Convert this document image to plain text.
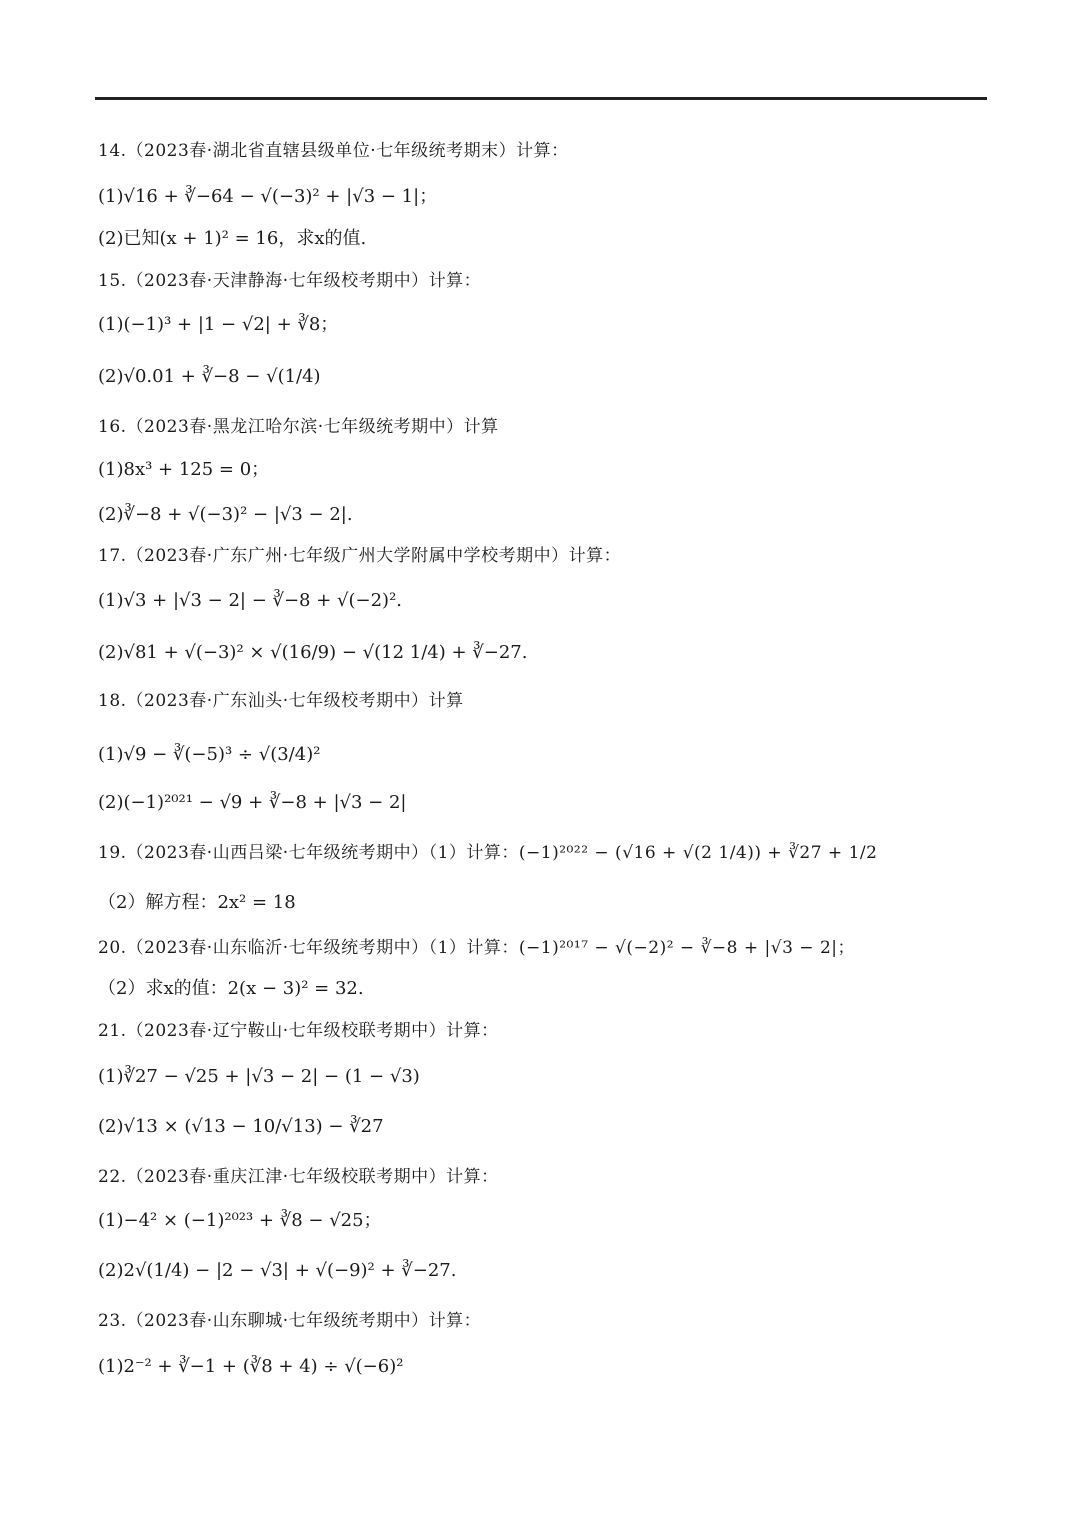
14.（2023春·湖北省直辖县级单位·七年级统考期末）计算：
(1)√16 + ∛−64 − √(−3)² + |√3 − 1|；
(2)已知(x + 1)² = 16，求x的值.
15.（2023春·天津静海·七年级校考期中）计算：
(1)(−1)³ + |1 − √2| + ∛8；
(2)√0.01 + ∛−8 − √(1/4)
16.（2023春·黑龙江哈尔滨·七年级统考期中）计算
(1)8x³ + 125 = 0；
(2)∛−8 + √(−3)² − |√3 − 2|.
17.（2023春·广东广州·七年级广州大学附属中学校考期中）计算：
(1)√3 + |√3 − 2| − ∛−8 + √(−2)².
(2)√81 + √(−3)² × √(16/9) − √(12 1/4) + ∛−27.
18.（2023春·广东汕头·七年级校考期中）计算
(1)√9 − ∛(−5)³ ÷ √(3/4)²
(2)(−1)²⁰²¹ − √9 + ∛−8 + |√3 − 2|
19.（2023春·山西吕梁·七年级统考期中）（1）计算：(−1)²⁰²² − (√16 + √(2 1/4)) + ∛27 + 1/2
（2）解方程：2x² = 18
20.（2023春·山东临沂·七年级统考期中）（1）计算：(−1)²⁰¹⁷ − √(−2)² − ∛−8 + |√3 − 2|；
（2）求x的值：2(x − 3)² = 32.
21.（2023春·辽宁鞍山·七年级校联考期中）计算：
(1)∛27 − √25 + |√3 − 2| − (1 − √3)
(2)√13 × (√13 − 10/√13) − ∛27
22.（2023春·重庆江津·七年级校联考期中）计算：
(1)−4² × (−1)²⁰²³ + ∛8 − √25；
(2)2√(1/4) − |2 − √3| + √(−9)² + ∛−27.
23.（2023春·山东聊城·七年级统考期中）计算：
(1)2⁻² + ∛−1 + (∛8 + 4) ÷ √(−6)²
